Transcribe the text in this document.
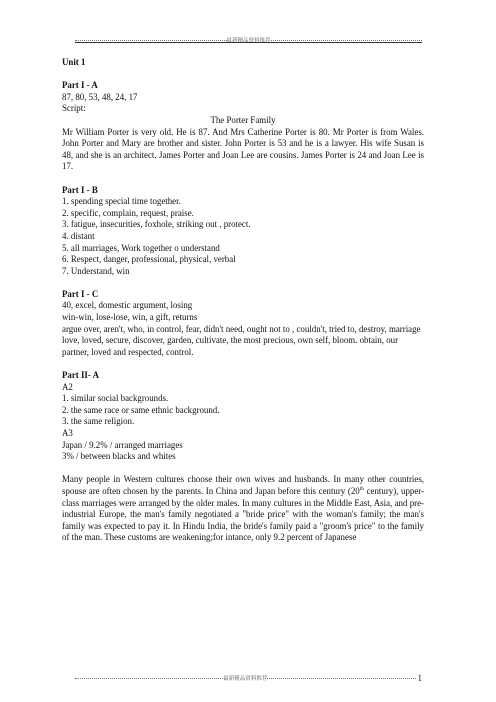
最新精品资料推荐

Unit 1

Part I - A

87, 80, 53, 48, 24, 17

Script:

The Porter Family

Mr William Porter is very old. He is 87. And Mrs Catherine Porter is 80. Mr Porter is from Wales. John Porter and Mary are brother and sister. John Porter is 53 and he is a lawyer. His wife Susan is 48, and she is an architect. James Porter and Joan Lee are cousins. James Porter is 24 and Joan Lee is 17.

Part I - B

1. spending special time together.

2. specific, complain, request, praise.

3. fatigue, insecurities, foxhole, striking out , protect.

4. distant

5. all marriages, Work together o understand

6. Respect, danger, professional, physical, verbal

7. Understand, win

Part I - C

40, excel, domestic argument, losing

win-win, lose-lose, win, a gift, returns

argue over, aren't, who, in control, fear, didn't need, ought not to , couldn't, tried to, destroy, marriage

love, loved, secure, discover, garden, cultivate, the most precious, own self, bloom. obtain, our partner, loved and respected, control.

Part II- A

A2

1. similar social backgrounds.

2. the same race or same ethnic background.

3. the same religion.

A3

Japan / 9.2% / arranged marriages

3% / between blacks and whites

Many people in Western cultures choose their own wives and husbands. In many other countries, spouse are often chosen by the parents. In China and Japan before this century (20th century), upper-class marriages were arranged by the older males. In many cultures in the Middle East, Asia, and pre-industrial Europe, the man's family negotiated a "bride price" with the woman's family; the man's family was expected to pay it. In Hindu India, the bride's family paid a "groom's price" to the family of the man. These customs are weakening;for intance, only 9.2 percent of Japanese

最新精品资料推荐	1
